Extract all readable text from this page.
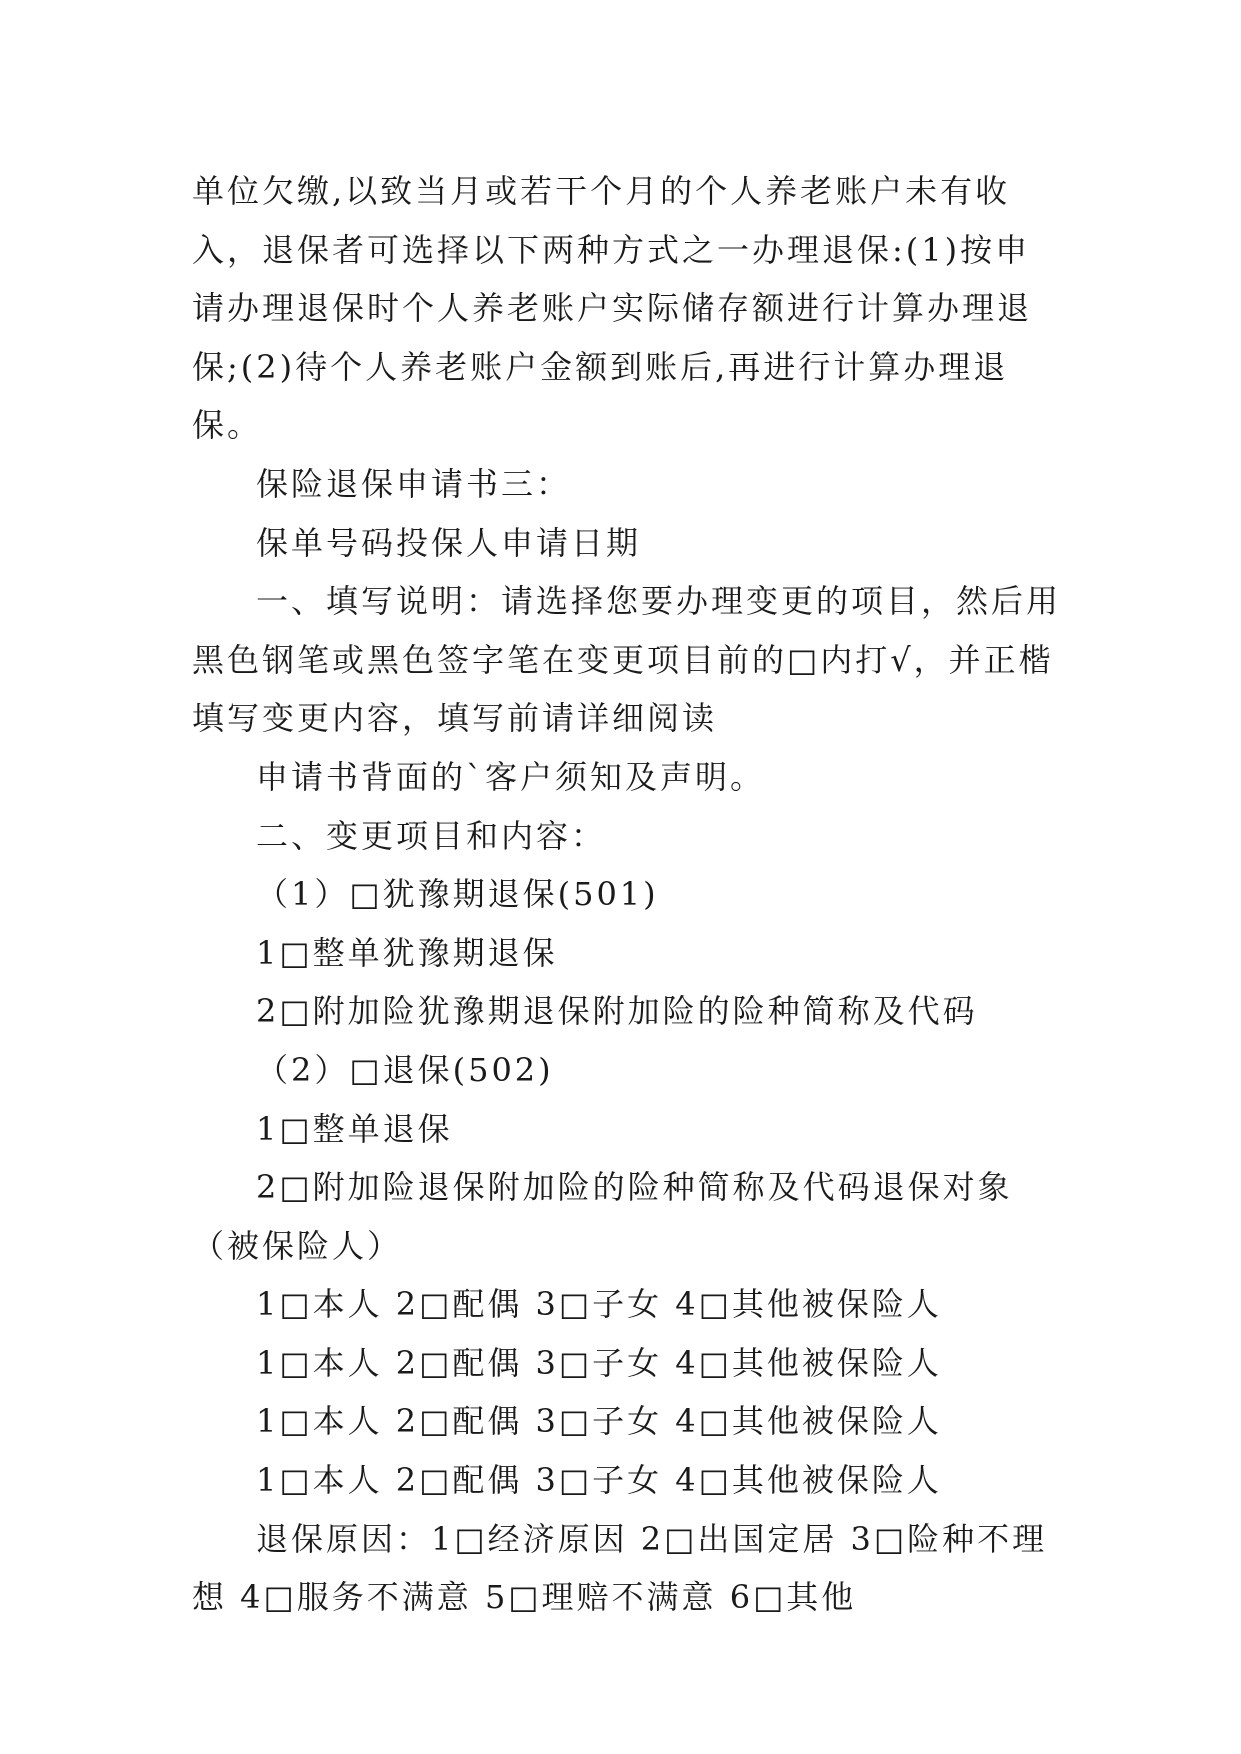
单位欠缴,以致当月或若干个月的个人养老账户未有收入，退保者可选择以下两种方式之一办理退保:(1)按申请办理退保时个人养老账户实际储存额进行计算办理退保;(2)待个人养老账户金额到账后,再进行计算办理退保。

保险退保申请书三：

保单号码投保人申请日期

一、填写说明：请选择您要办理变更的项目，然后用黑色钢笔或黑色签字笔在变更项目前的□内打√，并正楷填写变更内容，填写前请详细阅读

申请书背面的`客户须知及声明。

二、变更项目和内容：

（1）□犹豫期退保(501)

1□整单犹豫期退保

2□附加险犹豫期退保附加险的险种简称及代码

（2）□退保(502)

1□整单退保

2□附加险退保附加险的险种简称及代码退保对象（被保险人）

1□本人 2□配偶 3□子女 4□其他被保险人

1□本人 2□配偶 3□子女 4□其他被保险人

1□本人 2□配偶 3□子女 4□其他被保险人

1□本人 2□配偶 3□子女 4□其他被保险人

退保原因：1□经济原因 2□出国定居 3□险种不理想 4□服务不满意 5□理赔不满意 6□其他
